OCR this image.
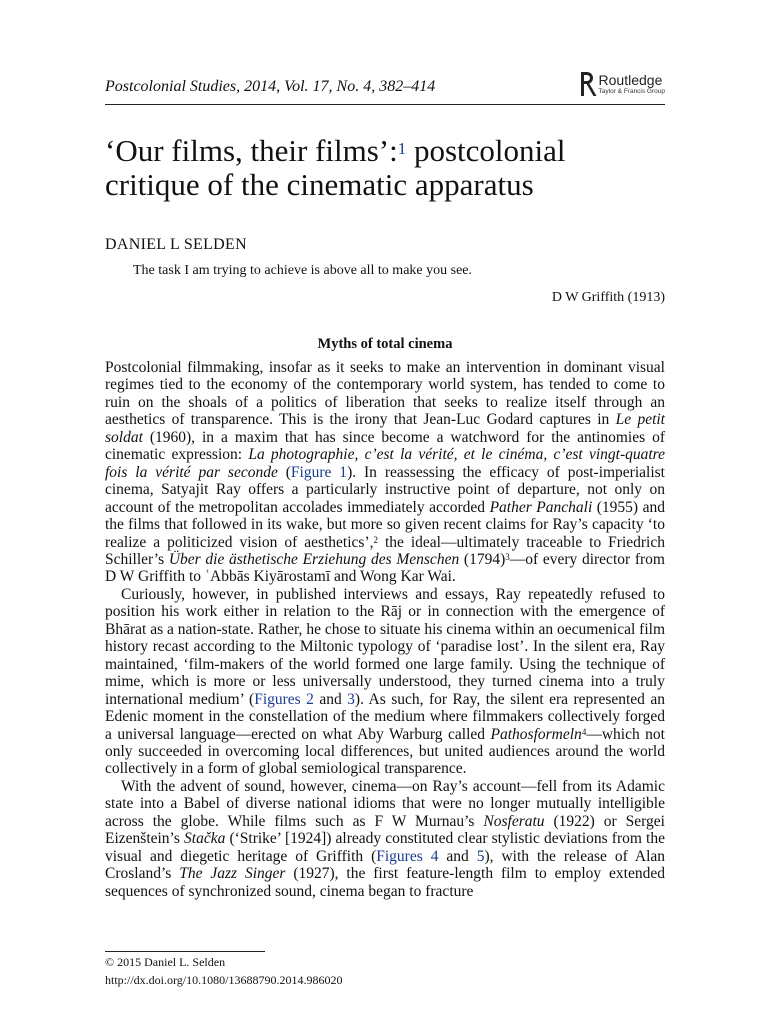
Postcolonial Studies, 2014, Vol. 17, No. 4, 382–414	Routledge
Taylor & Francis Group
‘Our films, their films’:$^1$ postcolonial critique of the cinematic apparatus
DANIEL L SELDEN
The task I am trying to achieve is above all to make you see.
D W Griffith (1913)
Myths of total cinema

Postcolonial filmmaking, insofar as it seeks to make an intervention in dominant visual regimes tied to the economy of the contemporary world system, has tended to come to ruin on the shoals of a politics of liberation that seeks to realize itself through an aesthetics of transparence. This is the irony that Jean-Luc Godard captures in Le petit soldat (1960), in a maxim that has since become a watchword for the antinomies of cinematic expression: La photographie, c’est la vérité, et le cinéma, c’est vingt-quatre fois la vérité par seconde (Figure 1). In reassessing the efficacy of post-imperialist cinema, Satyajit Ray offers a particularly instructive point of departure, not only on account of the metropolitan accolades immediately accorded Pather Panchali (1955) and the films that followed in its wake, but more so given recent claims for Ray’s capacity ‘to realize a politicized vision of aesthetics’,$^2$ the ideal—ultimately traceable to Friedrich Schiller’s Über die ästhetische Erziehung des Menschen $(1794)^3—of$ every director from D W Griffith to ʿAbbās Kiyārostamī and Wong Kar Wai.

Curiously, however, in published interviews and essays, Ray repeatedly refused to position his work either in relation to the Rāj or in connection with the emergence of Bhārat as a nation-state. Rather, he chose to situate his cinema within an oecumenical film history recast according to the Miltonic typology of ‘paradise lost’. In the silent era, Ray maintained, ‘film-makers of the world formed one large family. Using the technique of mime, which is more or less universally understood, they turned cinema into a truly international medium’ (Figures 2 and 3). As such, for Ray, the silent era represented an Edenic moment in the constellation of the medium where filmmakers collectively forged a universal language—erected on what Aby Warburg called Pathosformeln$^4$—which not only succeeded in overcoming local differences, but united audiences around the world collectively in a form of global semiological transparence.

With the advent of sound, however, cinema—on Ray’s account—fell from its Adamic state into a Babel of diverse national idioms that were no longer mutually intelligible across the globe. While films such as F W Murnau’s Nosferatu (1922) or Sergei Eizenštein’s Stačka (‘Strike’ [1924]) already constituted clear stylistic deviations from the visual and diegetic heritage of Griffith (Figures 4 and 5), with the release of Alan Crosland’s The Jazz Singer (1927), the first feature-length film to employ extended sequences of synchronized sound, cinema began to fracture

© 2015 Daniel L. Selden
http://dx.doi.org/10.1080/13688790.2014.986020
